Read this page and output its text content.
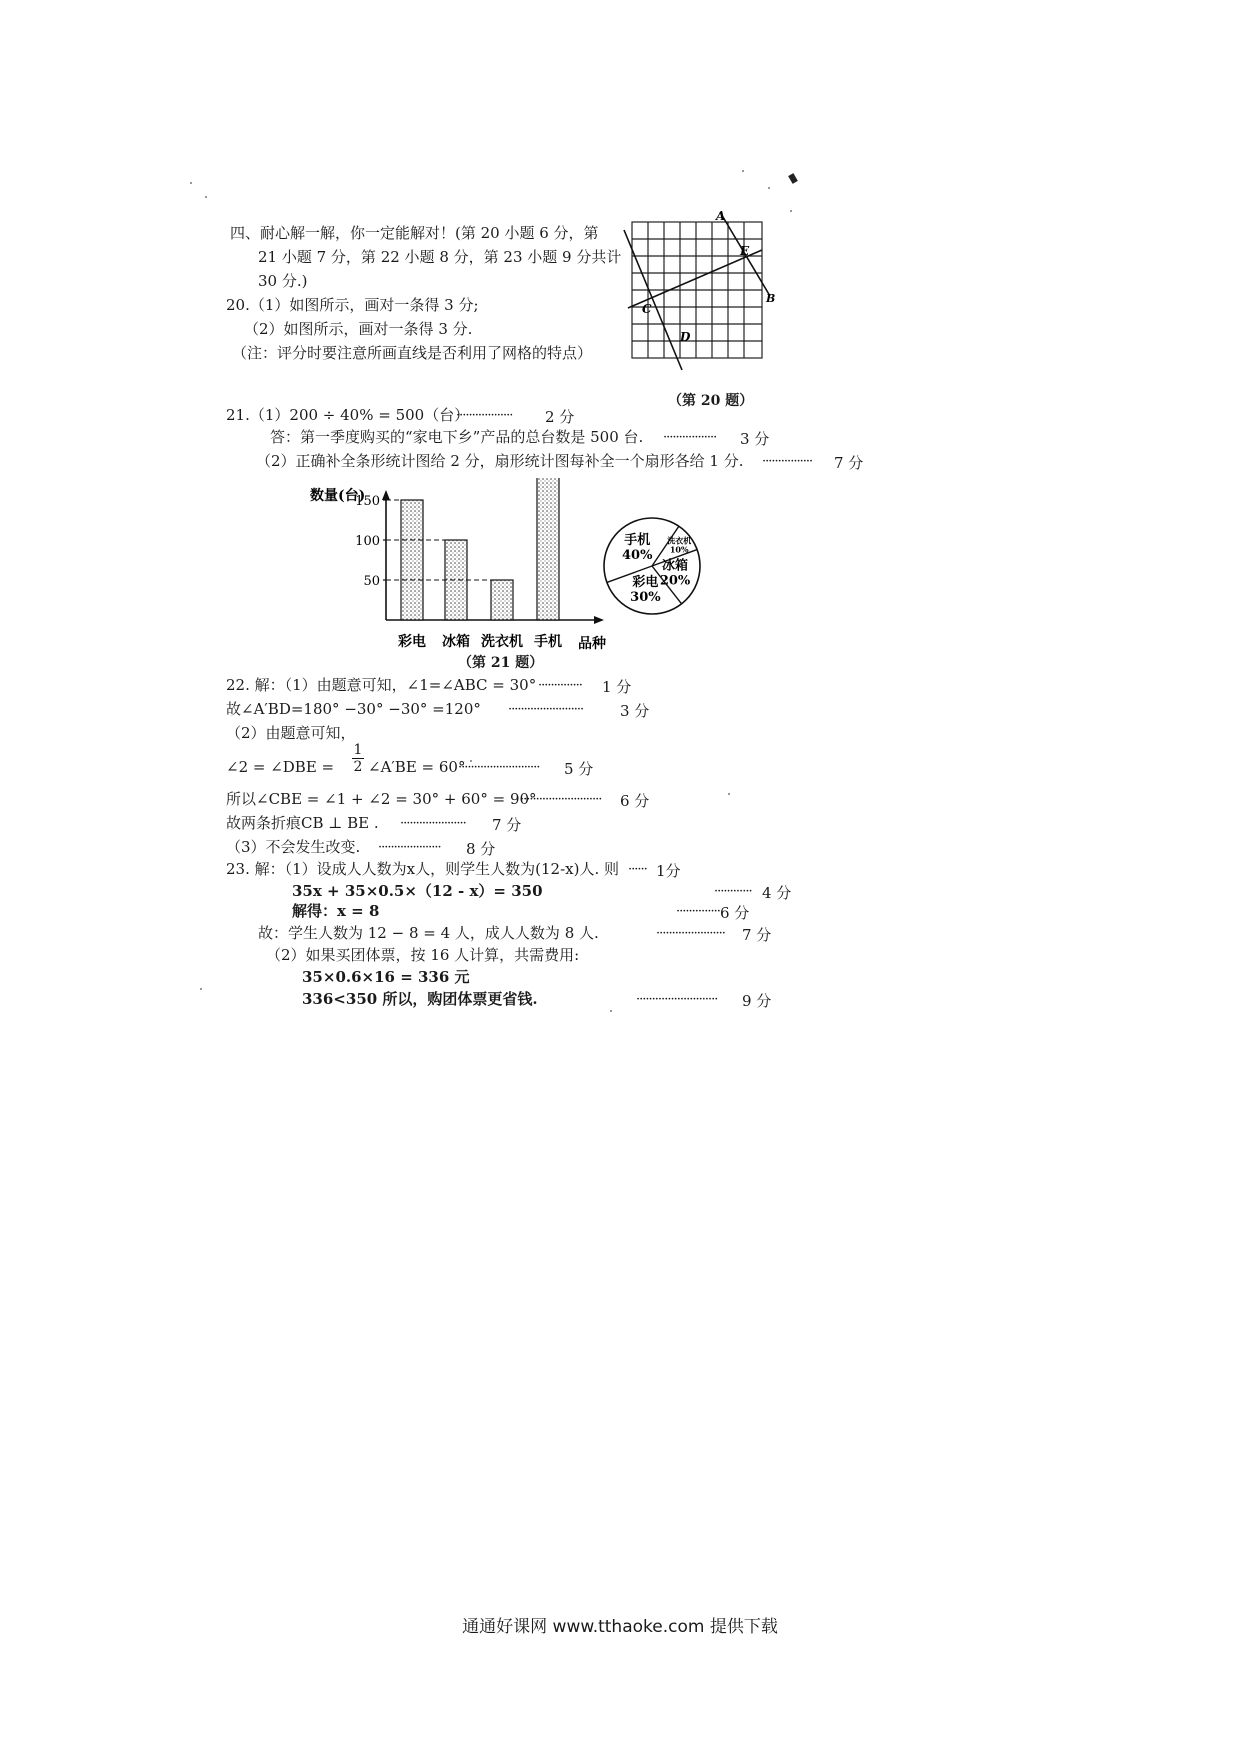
四、耐心解一解，你一定能解对！(第 20 小题 6 分，第
21 小题 7 分，第 22 小题 8 分，第 23 小题 9 分共计
30 分.)
20.（1）如图所示，画对一条得 3 分;
（2）如图所示，画对一条得 3 分.
（注：评分时要注意所画直线是否利用了网格的特点）
A
E
B
C
D
（第 20 题）
21.（1）200 ÷ 40% = 500（台）
·················· 2 分
答：第一季度购买的“家电下乡”产品的总台数是 500 台. ················· 3 分
（2）正确补全条形统计图给 2 分，扇形统计图每补全一个扇形各给 1 分. ················ 7 分
数量(台)
品种
50
100
150
彩电 冰箱 洗衣机 手机
手机
40%
洗衣机
10%
冰箱
20%
彩电
30%
（第 21 题）
22. 解：（1）由题意可知，∠1=∠ABC = 30° ·············· 1 分
故∠A′BD=180° −30° −30° =120° ························ 3 分
（2）由题意可知，
∠2 = ∠DBE = $\frac{1}{2}$ ∠A′BE = 60°
·························· 5 分
所以∠CBE = ∠1 + ∠2 = 30° + 60° = 90°
·························· 6 分
故两条折痕CB ⊥ BE . ····················· 7 分
（3）不会发生改变. ···················· 8 分
23. 解：（1）设成人人数为x人，则学生人数为(12-x)人. 则 ······ 1分
35x + 35×0.5×（12 - x）= 350	············ 4 分
解得：x = 8	·············· 6 分
故：学生人数为 12 − 8 = 4 人，成人人数为 8 人.	······················ 7 分
（2）如果买团体票，按 16 人计算，共需费用:
35×0.6×16 = 336 元
336<350 所以，购团体票更省钱.	·························· 9 分
通通好课网 www.tthaoke.com 提供下载
